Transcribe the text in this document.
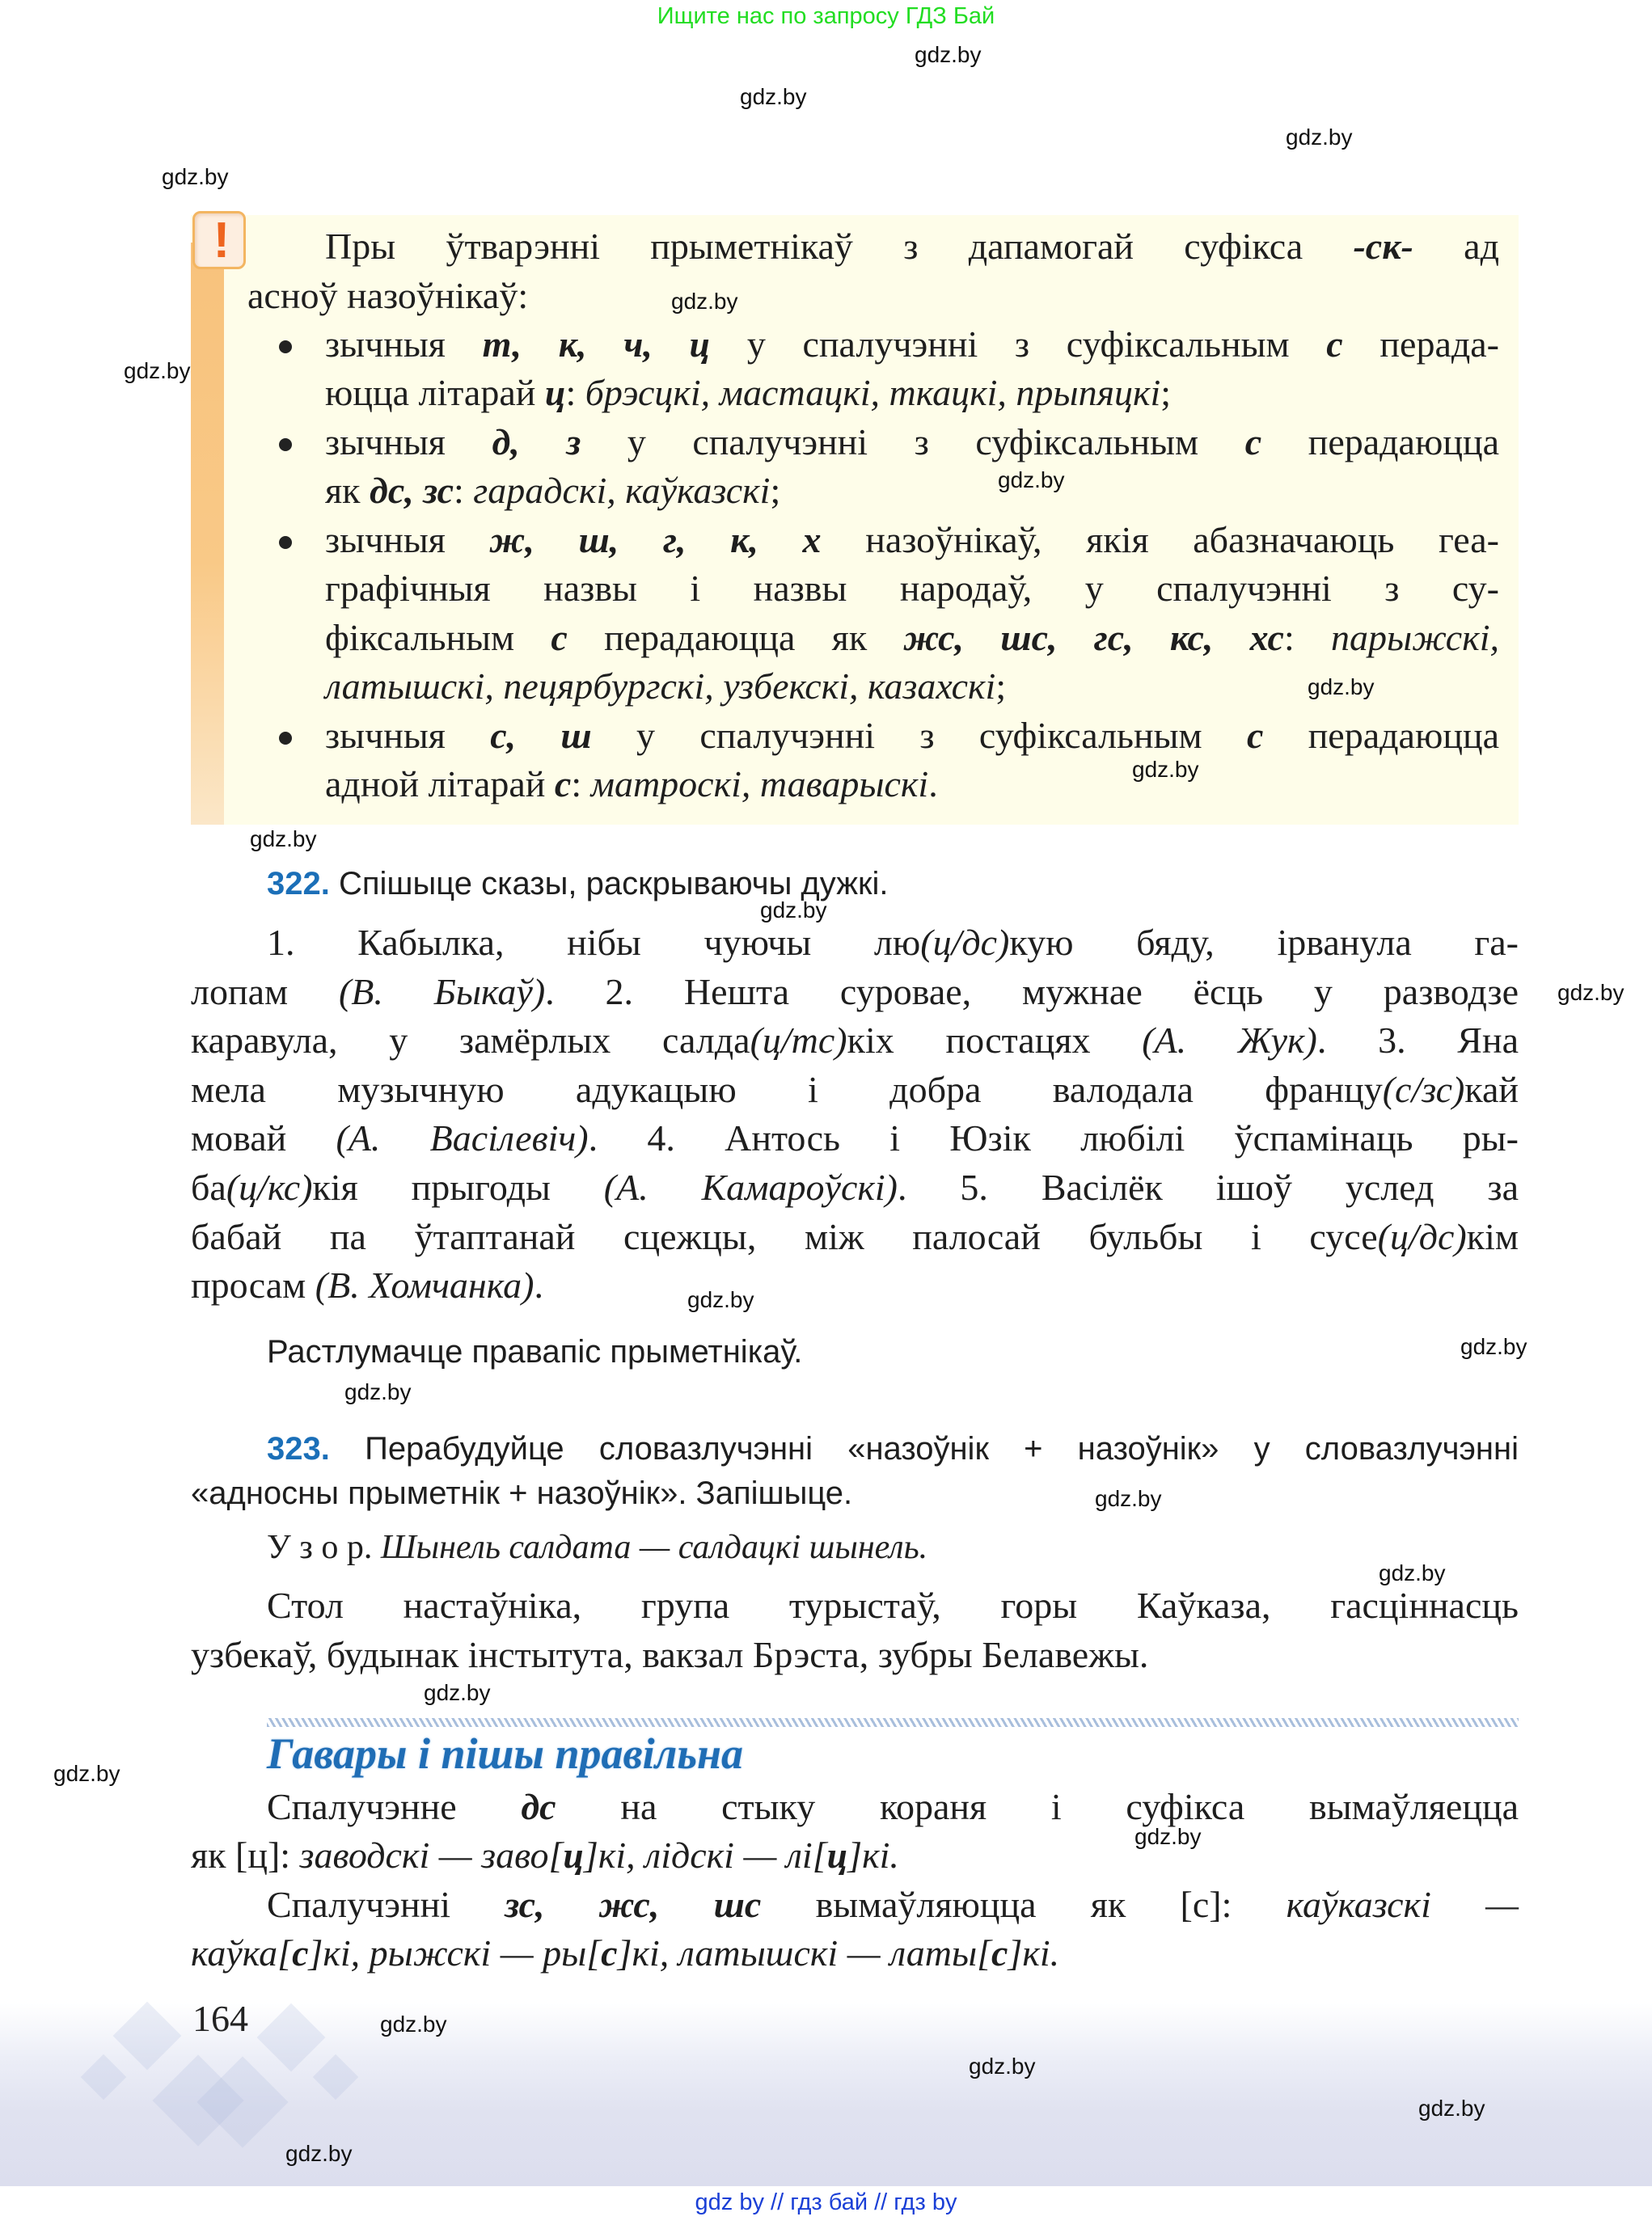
Ищите нас по запросу ГДЗ Бай
gdz.by
gdz.by
gdz.by
gdz.by
gdz.by
gdz.by
gdz.by
gdz.by
gdz.by
gdz.by
gdz.by
gdz.by
gdz.by
gdz.by
gdz.by
gdz.by
gdz.by
gdz.by
gdz.by
gdz.by
gdz.by
gdz.by
gdz.by
gdz.by
!	Пры ўтварэнні прыметнікаў з дапамогай суфікса -ск- ад
асноў назоўнікаў:
зычныя т, к, ч, ц у спалучэнні з суфіксальным с перада-
юцца літарай ц: брэсцкі, мастацкі, ткацкі, прыпяцкі;
зычныя д, з у спалучэнні з суфіксальным с перадаюцца
як дс, зс: гарадскі, каўказскі;
зычныя ж, ш, г, к, х назоўнікаў, якія абазначаюць геа-
графічныя назвы і назвы народаў, у спалучэнні з су-
фіксальным с перадаюцца як жс, шс, гс, кс, хс: парыжскі,
латышскі, пецярбургскі, узбекскі, казахскі;
зычныя с, ш у спалучэнні з суфіксальным с перадаюцца
адной літарай с: матроскі, таварыскі.
322. Спішыце сказы, раскрываючы дужкі.
1. Кабылка, нібы чуючы лю(ц/дс)кую бяду, ірванула га-
лопам (В. Быкаў). 2. Нешта суровае, мужнае ёсць у разводзе
каравула, у замёрлых салда(ц/тс)кіх постацях (А. Жук). 3. Яна
мела музычную адукацыю і добра валодала францу(с/зс)кай
мовай (А. Васілевіч). 4. Антось і Юзік любілі ўспамінаць ры-
ба(ц/кс)кія прыгоды (А. Камароўскі). 5. Васілёк ішоў услед за
бабай па ўтаптанай сцежцы, між палосай бульбы і сусе(ц/дс)кім
просам (В. Хомчанка).
Растлумачце правапіс прыметнікаў.
323. Перабудуйце словазлучэнні «назоўнік + назоўнік» у словазлучэнні
«адносны прыметнік + назоўнік». Запішыце.
У з о р. Шынель салдата — салдацкі шынель.
Стол настаўніка, група турыстаў, горы Каўказа, гасціннасць
узбекаў, будынак інстытута, вакзал Брэста, зубры Белавежы.
Гавары і пішы правільна
Спалучэнне дс на стыку кораня і суфікса вымаўляецца
як [ц]: заводскі — заво[ц]кі, лідскі — лі[ц]кі.
Спалучэнні зс, жс, шс вымаўляюцца як [с]: каўказскі —
каўка[с]кі, рыжскі — ры[с]кі, латышскі — латы[с]кі.
164
gdz by // гдз бай // гдз by
